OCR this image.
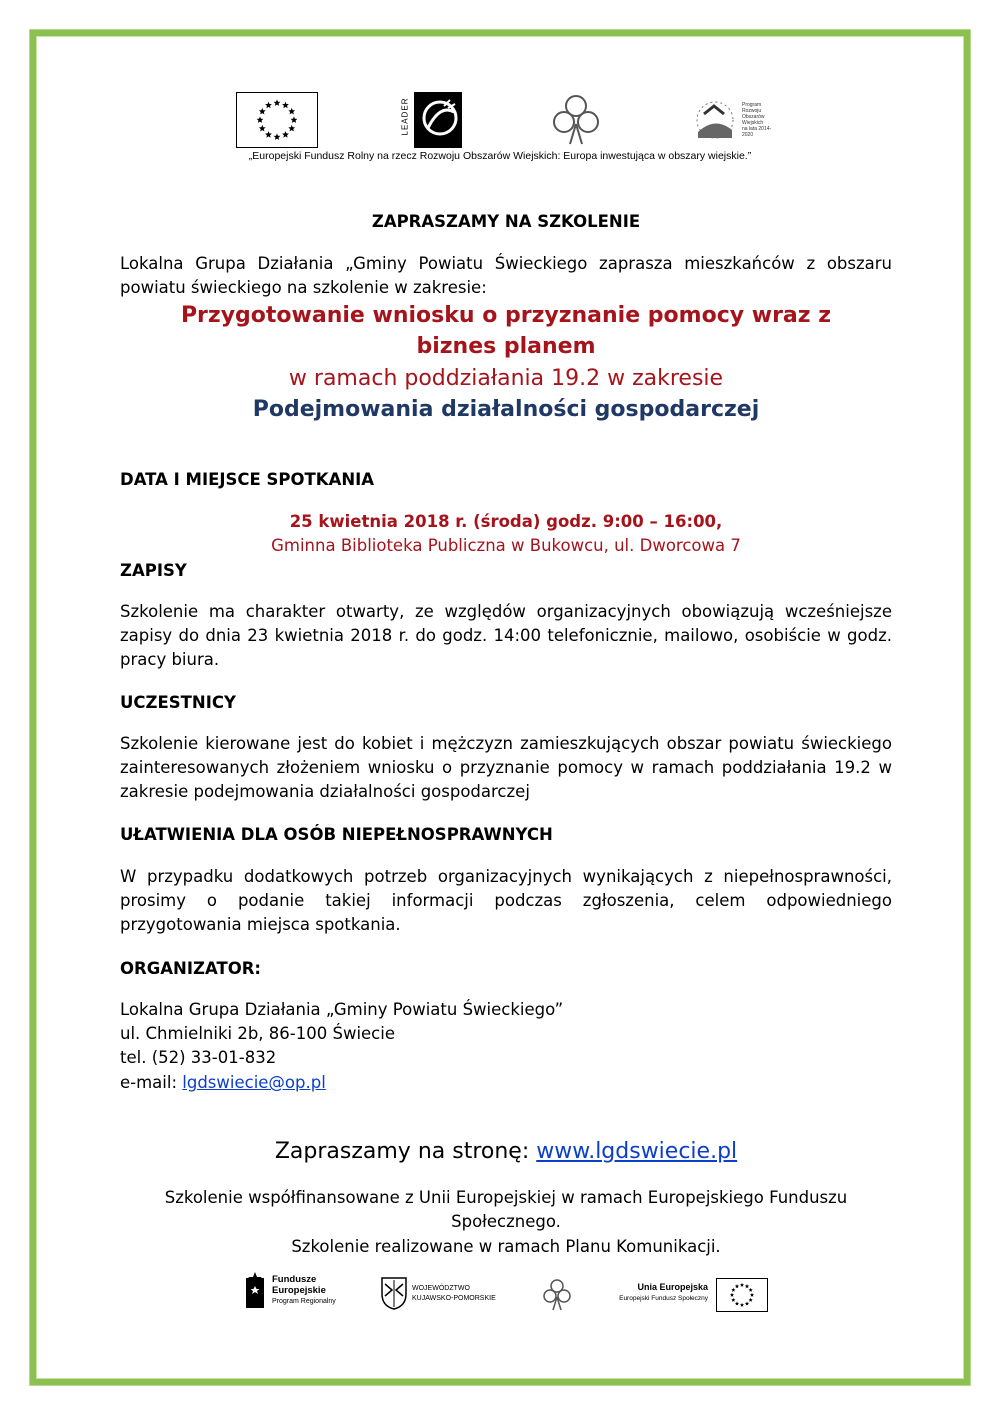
LEADER	Program
Rozwoju
Obszarów
Wiejskich
na lata 2014-2020
„Europejski Fundusz Rolny na rzecz Rozwoju Obszarów Wiejskich: Europa inwestująca w obszary wiejskie.”
ZAPRASZAMY NA SZKOLENIE
Lokalna Grupa Działania „Gminy Powiatu Świeckiego zaprasza mieszkańców z obszaru powiatu świeckiego na szkolenie w zakresie:
Przygotowanie wniosku o przyznanie pomocy wraz z
biznes planem
w ramach poddziałania 19.2 w zakresie
Podejmowania działalności gospodarczej
DATA I MIEJSCE SPOTKANIA
25 kwietnia 2018 r. (środa) godz. 9:00 – 16:00,
Gminna Biblioteka Publiczna w Bukowcu, ul. Dworcowa 7
ZAPISY
Szkolenie ma charakter otwarty, ze względów organizacyjnych obowiązują wcześniejsze zapisy do dnia 23 kwietnia 2018 r. do godz. 14:00 telefonicznie, mailowo, osobiście w godz. pracy biura.
UCZESTNICY
Szkolenie kierowane jest do kobiet i mężczyzn zamieszkujących obszar powiatu świeckiego zainteresowanych złożeniem wniosku o przyznanie pomocy w ramach poddziałania 19.2 w zakresie podejmowania działalności gospodarczej
UŁATWIENIA DLA OSÓB NIEPEŁNOSPRAWNYCH
W przypadku dodatkowych potrzeb organizacyjnych wynikających z niepełnosprawności, prosimy o podanie takiej informacji podczas zgłoszenia, celem odpowiedniego przygotowania miejsca spotkania.
ORGANIZATOR:
Lokalna Grupa Działania „Gminy Powiatu Świeckiego”
ul. Chmielniki 2b, 86-100 Świecie
tel. (52) 33-01-832
e-mail: lgdswiecie@op.pl
Zapraszamy na stronę: www.lgdswiecie.pl
Szkolenie współfinansowane z Unii Europejskiej w ramach Europejskiego Funduszu
Społecznego.
Szkolenie realizowane w ramach Planu Komunikacji.
Fundusze
Europejskie
Program Regionalny
WOJEWÓDZTWO
KUJAWSKO-POMORSKIE
Unia Europejska
Europejski Fundusz Społeczny
